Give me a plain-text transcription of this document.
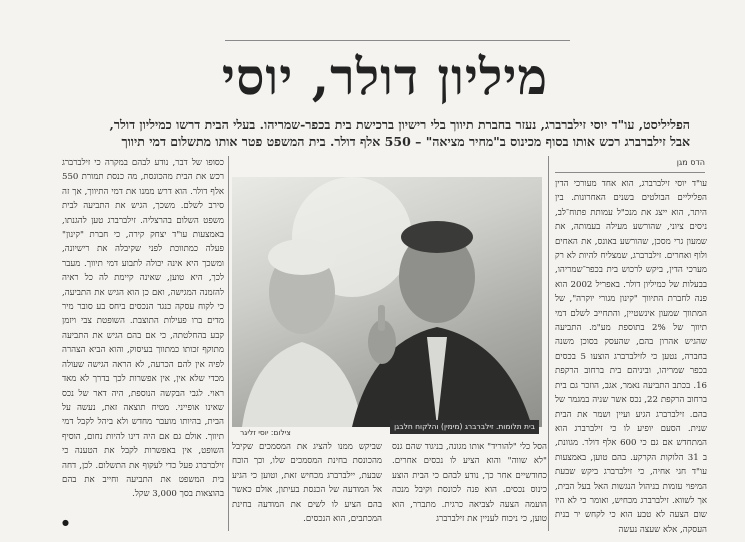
מיליון דולר, יוסי
הפליליסט, עו"ד יוסי זילברברג, נעזר בחברת תיווך בלי רישיון ברכישת בית בכפר-שמריהו. בעלי הבית דרשו כמיליון דולר, אבל זילברברג רכש אותו בסוף מכינוס ב"מחיר מציאה" – 550 אלף דולר. בית המשפט פטר אותו מתשלום דמי תיווך
הדס מגן
עו"ד יוסי זילברברג, הוא אחד מעורכי הדין הפליליים הבולטים בשנים האחרונות. בין היתר, הוא ייצג את מנכ"ל עמותת פתוח־לב, ניסים ציוני, שהורשע מעילה בעמותה, את שמעון גרי מסכן, שהורשע באונס, את האחים ולוף ואחרים. זילברברג, שמצליח להיות לא רק מערכי הדין, ביקש לרכוש בית בכפר־שמריהו, בבעלות של כמיליון דולר. באפריל 2002 הוא פנה לחברת התיווך "קינון מגורי יוקרה", של המתווך שמעון אינשטיין, והתחייב לשלם דמי תיווך של 2% בתוספת מע"מ. התביעה שהגיש אהרון בהם, שהעסק בסוכן משנה בחברה, נטען כי לזילברברג הוצעו 5 בכסים בכפר שמריהו, וביניהם בית ברחוב הרקפת 16. בכתב התביעה נאמר, אגב, הוזכר גם בית ברחוב הרקפת 22, נכס אשר שניה במגמר של בהם. זילברברג הגיע ועיין ושמר את הבית שנית. הסעם יופיע לו כי זילברברג הוא המתחדש אם גם כי 600 אלף דולר. מגוונת, ב 31 הלוקות הקרקע. בהם טוען, באמצעות עו"ד חגי אחיה, כי זילברברג ביקש שבעת המיפוי עזמות בניהול הנגשות האל בעל הבית, אך לשווא. זילברברג מכחיש, ואומר כי לא היו שום הצעה לא טבע הוא כי לקחש יר בנית העסקה, אלא שעצה נעשה
כסופו של דבר, נודע לבהם במקרה כי זילברברג רכש את הבית מהכונסת, מה כנסת תמורת 550 אלף דולר. הוא דרש ממנו את דמי התיווך, אך זה סירב לשלם. משכך, הגיש את התביעה לבית משפט השלום בהרצליה. זילברברג טען להגנתו, באמצעות עו"ד יצחק קירה, כי חברת "קינון" פעלה כמתווכת לפני שקיבלה את רישיונה, ומשכך היא אינה יכולה לתבוע דמי תיווך. מעבר לכך, היא טוען, שאינה קיימת לה כל ראיה להזמנה המגישה, ואם כן הוא הגיש את התביעה, כי לקוח עסקה כנגד הנכסים ביחס בע סובר מיר מדים ברו פעילות התוצבת. השופטת צבי ויזמן קבע בהחלטתה, כי אם בהם הגיש את התביעה מתוקף זכותו כמתווך בעיסוק, והוא הביא הצהרה לפיה אין להם הכרעה, לא הראה הגישה שעולה מכדי שלא אין, אין אפשרות לכך בדרך לא מאד ראוי. לגבי הבקשה הנוספת, היה דאר של נכס שאינו אופייני. מטיח תוצאה זאת, נעשה על הבית, בהיותו מועבר מחדש ולא ביהל לקבל דמי תיווך. אולם גם אם היה דינו להיות נחום, הוסיף השופט, אין באפשרות לקבל את הטענה כי זילברברג פעל כדי לעקוף את התשלום. לכן, דחה בית המשפט את התביעה וחייב את בהם בהוצאות בסך 3,000 שקל.
בית תלומות. זילברברג (מימין) והלקוח חלבגן
צילום: יוסי זליגר
הסל כלי "להוריד" אותו מגונה, בניגוד שהם גנס "לא שווה" והוא הציע לו נכסים אחרים. כחודשיים אחר כך, נודע לבהם כי הבית הוצע כינוס נכסים. הוא פנה לכונסת וקיבל מנכה הועמה הצעה לצביאה כרגית. מתברר, הוא טוען, כי ניכוח לעניין את זילברברג
שביקש ממנו להציג את המסמכים שקיבל מהכונסת בחינת המסמכים שלו, וכך הוכח שבעת, יילברברג מכחיש זאת, וטוען כי הגיע אל המודעה של הכנסת בעיתון, אולם כאשר בהם הציע לו לשים את המודעה בחינת המכתבים, הוא הנכסים.
●
